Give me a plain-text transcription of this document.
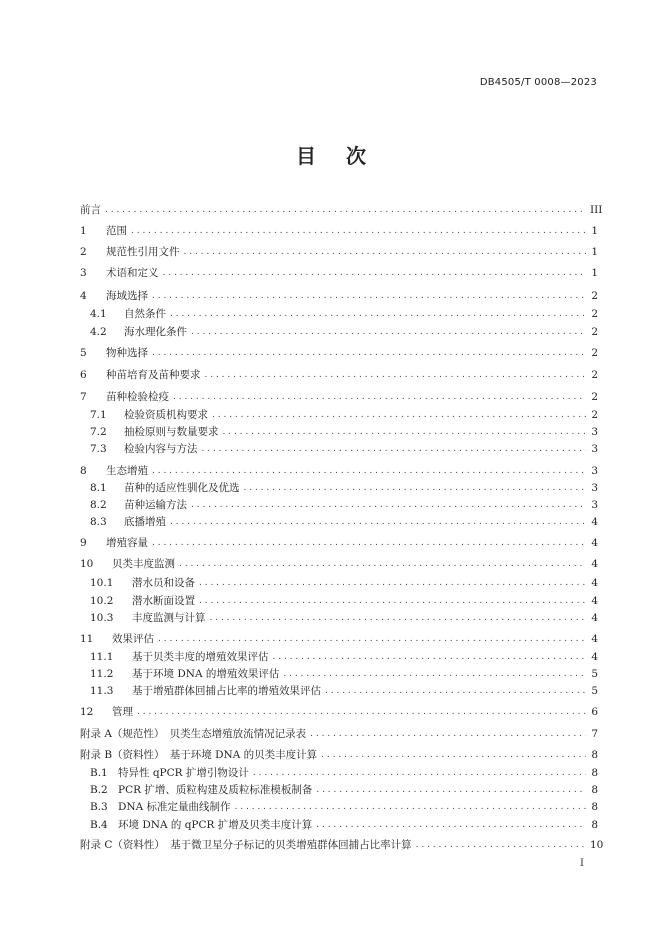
DB4505/T 0008—2023
目次
前言 . . .	III
1	范围 . . .	1
2	规范性引用文件 . . .	1
3	术语和定义 . . .	1
4	海域选择 . . .	2
4.1	自然条件 . . .	2
4.2	海水理化条件 . . .	2
5	物种选择 . . .	2
6	种苗培育及苗种要求 . . .	2
7	苗种检验检疫 . . .	2
7.1	检验资质机构要求 . . .	2
7.2	抽检原则与数量要求 . . .	3
7.3	检验内容与方法 . . .	3
8	生态增殖 . . .	3
8.1	苗种的适应性驯化及优选 . . .	3
8.2	苗种运输方法 . . .	3
8.3	底播增殖 . . .	4
9	增殖容量 . . .	4
10	贝类丰度监测 . . .	4
10.1	潜水员和设备 . . .	4
10.2	潜水断面设置 . . .	4
10.3	丰度监测与计算 . . .	4
11	效果评估 . . .	4
11.1	基于贝类丰度的增殖效果评估 . . .	4
11.2	基于环境 DNA 的增殖效果评估 . . .	5
11.3	基于增殖群体回捕占比率的增殖效果评估 . . .	5
12	管理 . . .	6
附录 A（规范性）　贝类生态增殖放流情况记录表 . . .	7
附录 B（资料性）　基于环境 DNA 的贝类丰度计算 . . .	8
B.1 特异性 qPCR 扩增引物设计 . . .	8
B.2 PCR 扩增、质粒构建及质粒标准模板制备 . . .	8
B.3 DNA 标准定量曲线制作 . . .	8
B.4 环境 DNA 的 qPCR 扩增及贝类丰度计算 . . .	8
附录 C（资料性）　基于微卫星分子标记的贝类增殖群体回捕占比率计算 . . .	10
I
